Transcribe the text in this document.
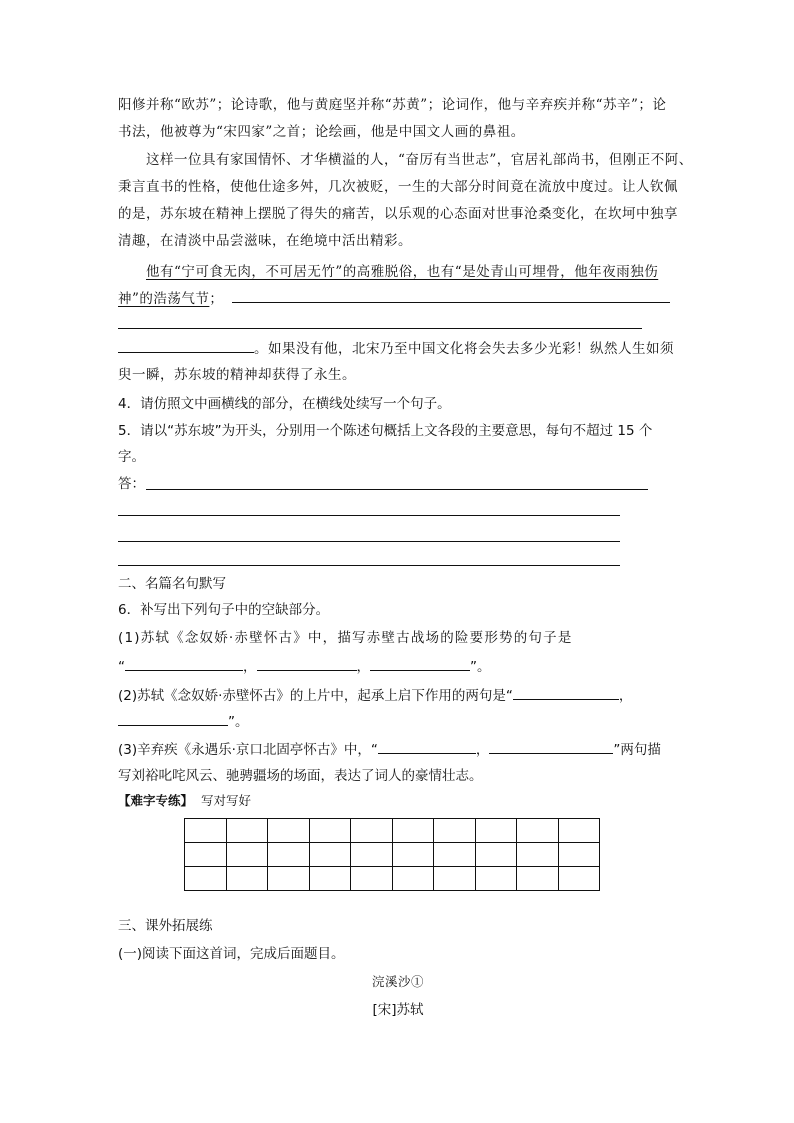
阳修并称“欧苏”；论诗歌，他与黄庭坚并称“苏黄”；论词作，他与辛弃疾并称“苏辛”；论
书法，他被尊为“宋四家”之首；论绘画，他是中国文人画的鼻祖。
这样一位具有家国情怀、才华横溢的人，“奋厉有当世志”，官居礼部尚书，但刚正不阿、
秉言直书的性格，使他仕途多舛，几次被贬，一生的大部分时间竟在流放中度过。让人钦佩
的是，苏东坡在精神上摆脱了得失的痛苦，以乐观的心态面对世事沧桑变化，在坎坷中独享
清趣，在清淡中品尝滋味，在绝境中活出精彩。
他有“宁可食无肉，不可居无竹”的高雅脱俗，也有“是处青山可埋骨，他年夜雨独伤
神”的浩荡气节；
。如果没有他，北宋乃至中国文化将会失去多少光彩！纵然人生如须
臾一瞬，苏东坡的精神却获得了永生。
4．请仿照文中画横线的部分，在横线处续写一个句子。
5．请以“苏东坡”为开头，分别用一个陈述句概括上文各段的主要意思，每句不超过 15 个
字。
答：
二、名篇名句默写
6．补写出下列句子中的空缺部分。
(1)苏轼《念奴娇·赤壁怀古》中，描写赤壁古战场的险要形势的句子是
“	，	，	”。
(2)苏轼《念奴娇·赤壁怀古》的上片中，起承上启下作用的两句是“	，
”。
(3)辛弃疾《永遇乐·京口北固亭怀古》中，“	，	”两句描
写刘裕叱咤风云、驰骋疆场的场面，表达了词人的豪情壮志。
【难字专练】 写对写好

三、课外拓展练
(一)阅读下面这首词，完成后面题目。
浣溪沙①
[宋]苏轼
